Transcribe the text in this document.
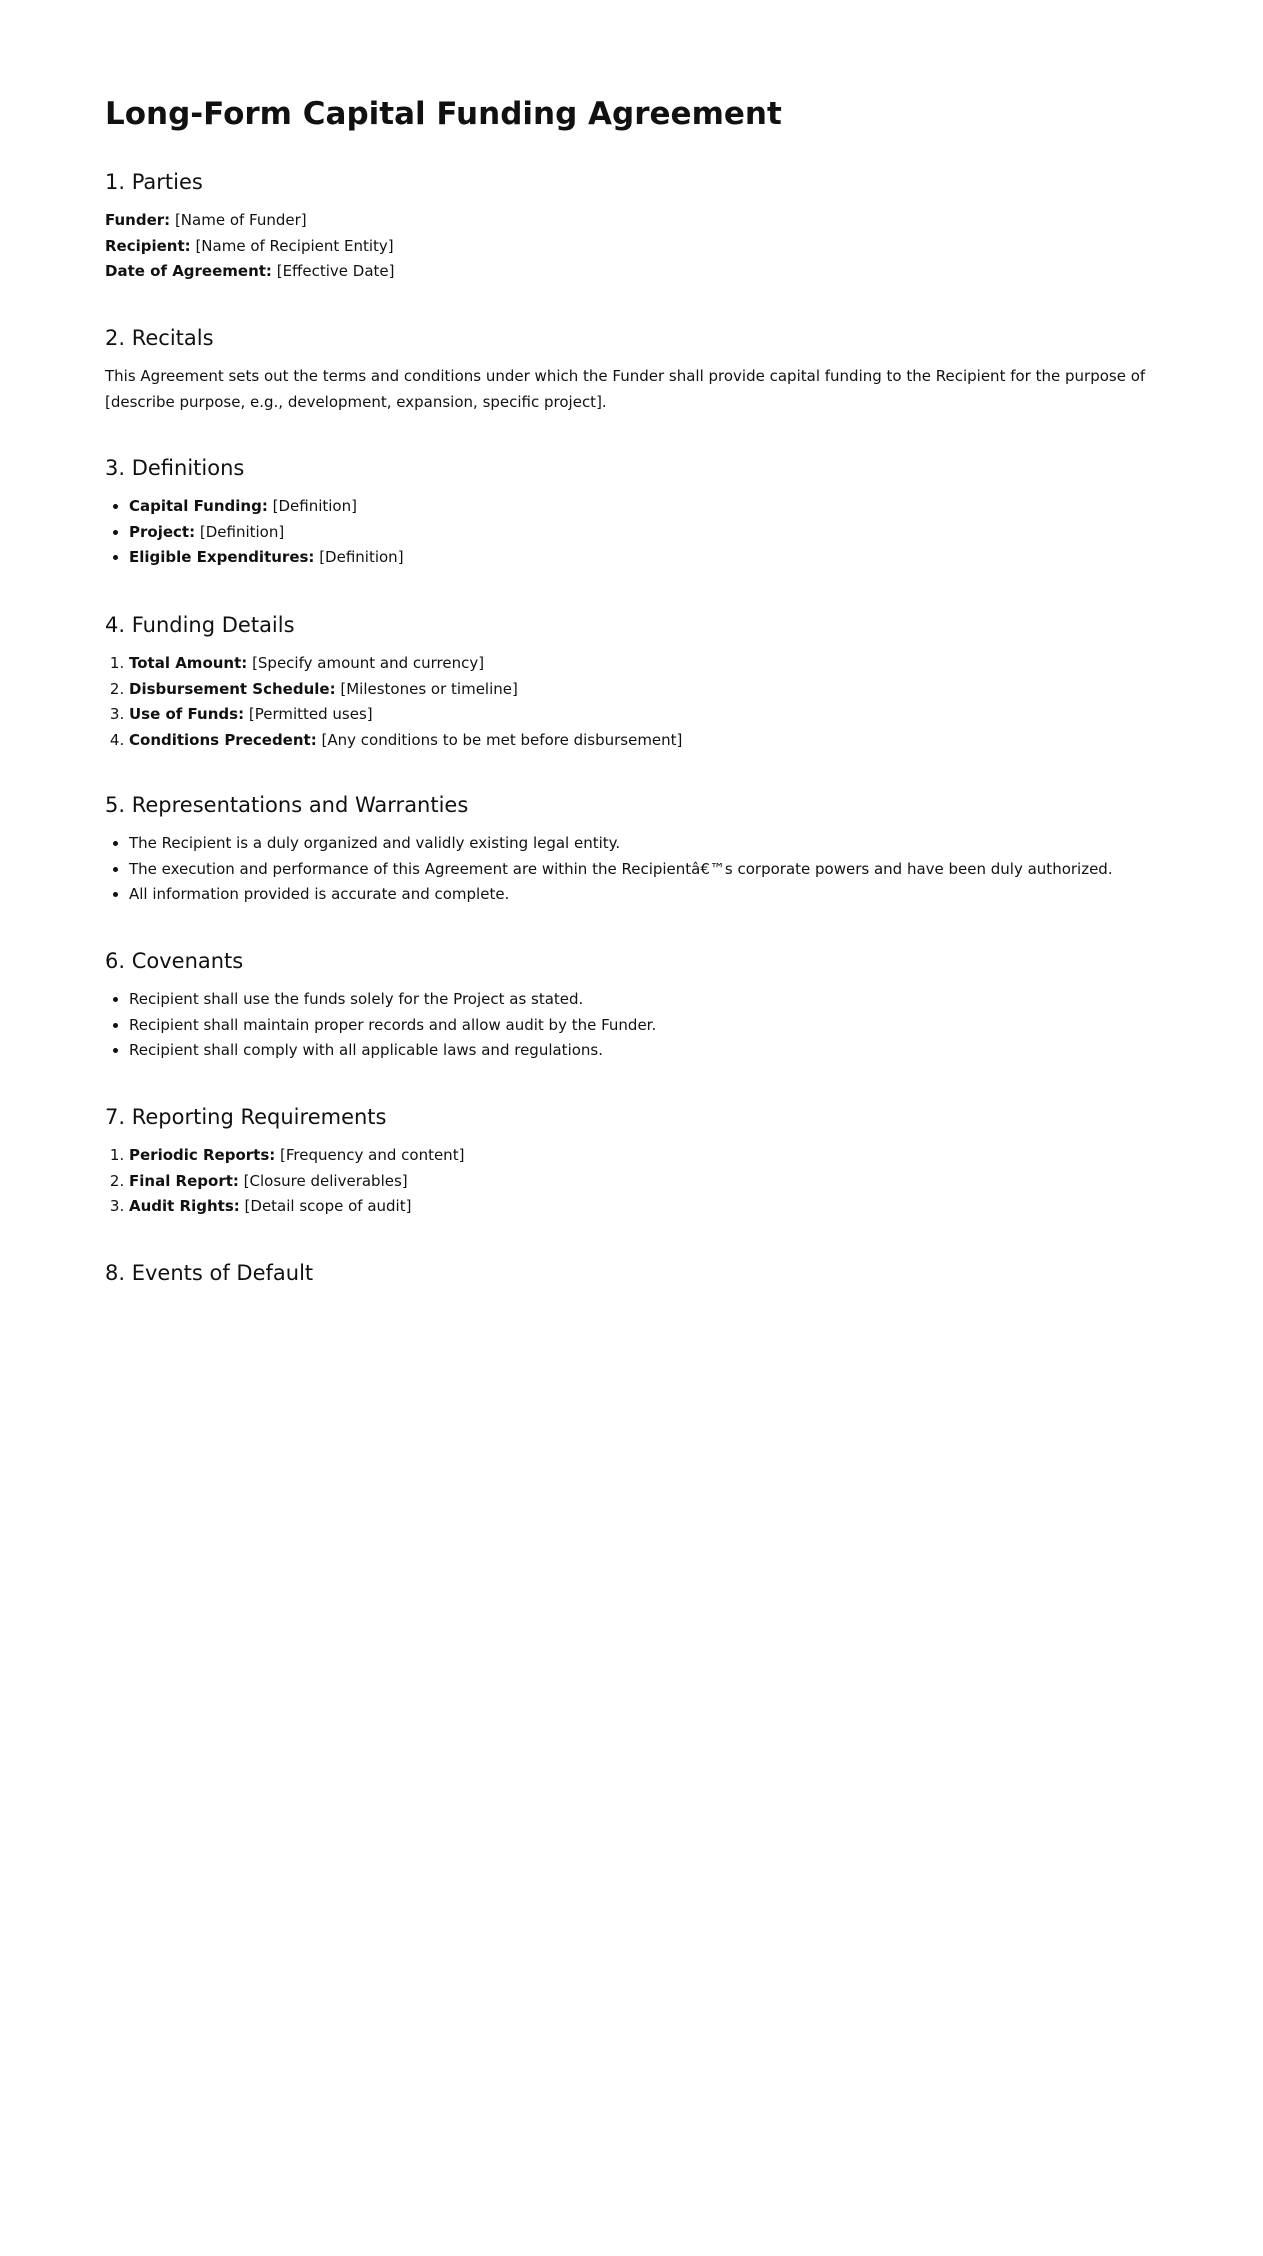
Long-Form Capital Funding Agreement
1. Parties
Funder: [Name of Funder]
Recipient: [Name of Recipient Entity]
Date of Agreement: [Effective Date]
2. Recitals

This Agreement sets out the terms and conditions under which the Funder shall provide capital funding to the Recipient for the purpose of [describe purpose, e.g., development, expansion, specific project].

3. Definitions
• Capital Funding: [Definition]
• Project: [Definition]
• Eligible Expenditures: [Definition]
4. Funding Details
1. Total Amount: [Specify amount and currency]
2. Disbursement Schedule: [Milestones or timeline]
3. Use of Funds: [Permitted uses]
4. Conditions Precedent: [Any conditions to be met before disbursement]
5. Representations and Warranties
• The Recipient is a duly organized and validly existing legal entity.
• The execution and performance of this Agreement are within the Recipientâ€™s corporate powers and have been duly authorized.
• All information provided is accurate and complete.
6. Covenants
• Recipient shall use the funds solely for the Project as stated.
• Recipient shall maintain proper records and allow audit by the Funder.
• Recipient shall comply with all applicable laws and regulations.
7. Reporting Requirements
1. Periodic Reports: [Frequency and content]
2. Final Report: [Closure deliverables]
3. Audit Rights: [Detail scope of audit]
8. Events of Default
